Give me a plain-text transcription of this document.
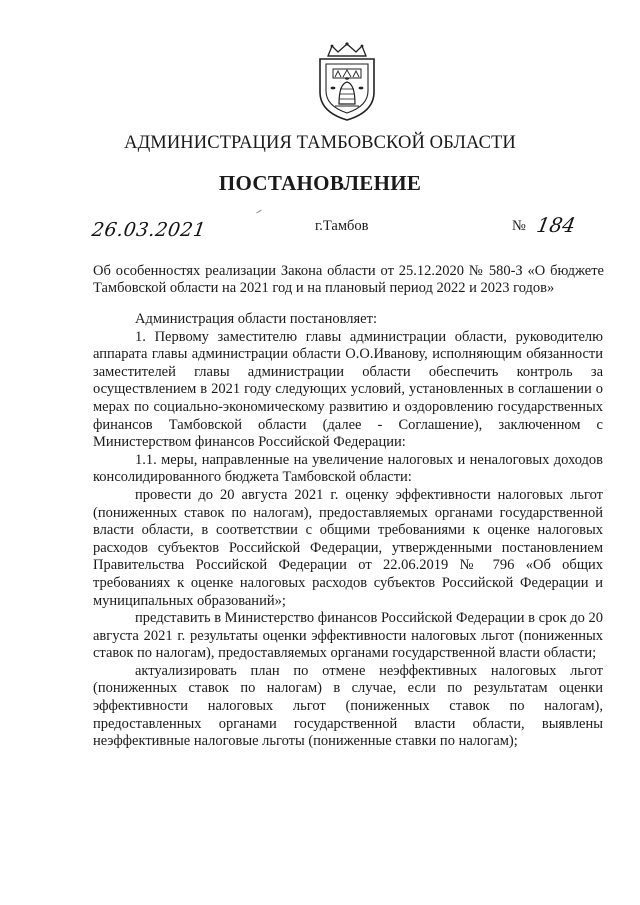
АДМИНИСТРАЦИЯ ТАМБОВСКОЙ ОБЛАСТИ
ПОСТАНОВЛЕНИЕ
26.03.2021	г.Тамбов	№ 184
Об особенностях реализации Закона области от 25.12.2020 № 580-З «О бюджете Тамбовской области на 2021 год и на плановый период 2022 и 2023 годов»

Администрация области постановляет:

1. Первому заместителю главы администрации области, руководителю аппарата главы администрации области О.О.Иванову, исполняющим обязанности заместителей главы администрации области обеспечить контроль за осуществлением в 2021 году следующих условий, установленных в соглашении о мерах по социально-экономическому развитию и оздоровлению государственных финансов Тамбовской области (далее - Соглашение), заключенном с Министерством финансов Российской Федерации:

1.1. меры, направленные на увеличение налоговых и неналоговых доходов консолидированного бюджета Тамбовской области:

провести до 20 августа 2021 г. оценку эффективности налоговых льгот (пониженных ставок по налогам), предоставляемых органами государственной власти области, в соответствии с общими требованиями к оценке налоговых расходов субъектов Российской Федерации, утвержденными постановлением Правительства Российской Федерации от 22.06.2019 № 796 «Об общих требованиях к оценке налоговых расходов субъектов Российской Федерации и муниципальных образований»;

представить в Министерство финансов Российской Федерации в срок до 20 августа 2021 г. результаты оценки эффективности налоговых льгот (пониженных ставок по налогам), предоставляемых органами государственной власти области;

актуализировать план по отмене неэффективных налоговых льгот (пониженных ставок по налогам) в случае, если по результатам оценки эффективности налоговых льгот (пониженных ставок по налогам), предоставленных органами государственной власти области, выявлены неэффективные налоговые льготы (пониженные ставки по налогам);
